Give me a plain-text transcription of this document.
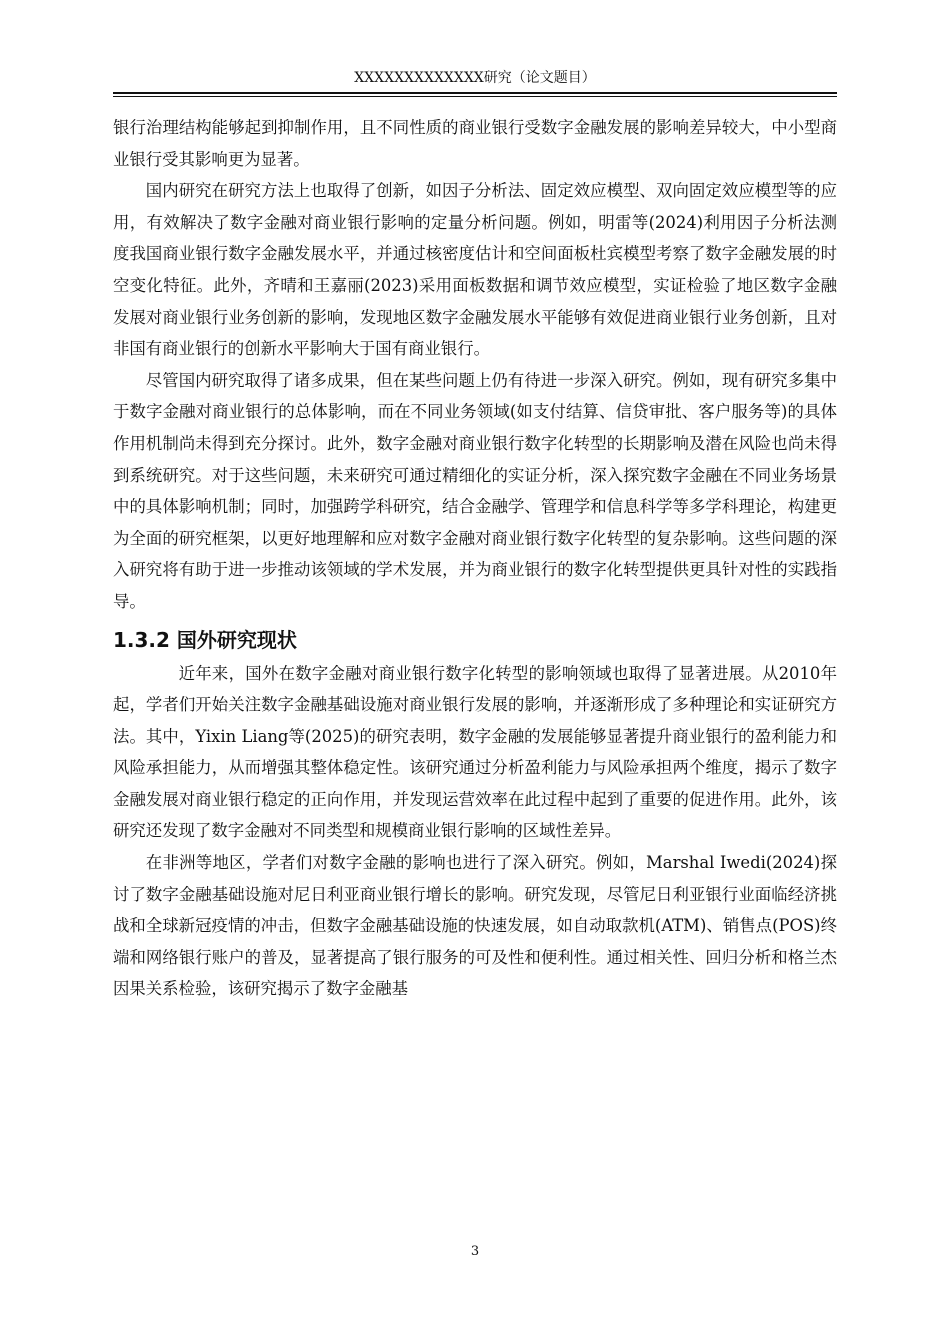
XXXXXXXXXXXXX研究（论文题目）

银行治理结构能够起到抑制作用，且不同性质的商业银行受数字金融发展的影响差异较大，中小型商业银行受其影响更为显著。

国内研究在研究方法上也取得了创新，如因子分析法、固定效应模型、双向固定效应模型等的应用，有效解决了数字金融对商业银行影响的定量分析问题。例如，明雷等(2024)利用因子分析法测度我国商业银行数字金融发展水平，并通过核密度估计和空间面板杜宾模型考察了数字金融发展的时空变化特征。此外，齐晴和王嘉丽(2023)采用面板数据和调节效应模型，实证检验了地区数字金融发展对商业银行业务创新的影响，发现地区数字金融发展水平能够有效促进商业银行业务创新，且对非国有商业银行的创新水平影响大于国有商业银行。

尽管国内研究取得了诸多成果，但在某些问题上仍有待进一步深入研究。例如，现有研究多集中于数字金融对商业银行的总体影响，而在不同业务领域(如支付结算、信贷审批、客户服务等)的具体作用机制尚未得到充分探讨。此外，数字金融对商业银行数字化转型的长期影响及潜在风险也尚未得到系统研究。对于这些问题，未来研究可通过精细化的实证分析，深入探究数字金融在不同业务场景中的具体影响机制；同时，加强跨学科研究，结合金融学、管理学和信息科学等多学科理论，构建更为全面的研究框架，以更好地理解和应对数字金融对商业银行数字化转型的复杂影响。这些问题的深入研究将有助于进一步推动该领域的学术发展，并为商业银行的数字化转型提供更具针对性的实践指导。

1.3.2 国外研究现状

近年来，国外在数字金融对商业银行数字化转型的影响领域也取得了显著进展。从2010年起，学者们开始关注数字金融基础设施对商业银行发展的影响，并逐渐形成了多种理论和实证研究方法。其中，Yixin Liang等(2025)的研究表明，数字金融的发展能够显著提升商业银行的盈利能力和风险承担能力，从而增强其整体稳定性。该研究通过分析盈利能力与风险承担两个维度，揭示了数字金融发展对商业银行稳定的正向作用，并发现运营效率在此过程中起到了重要的促进作用。此外，该研究还发现了数字金融对不同类型和规模商业银行影响的区域性差异。

在非洲等地区，学者们对数字金融的影响也进行了深入研究。例如，Marshal Iwedi(2024)探讨了数字金融基础设施对尼日利亚商业银行增长的影响。研究发现，尽管尼日利亚银行业面临经济挑战和全球新冠疫情的冲击，但数字金融基础设施的快速发展，如自动取款机(ATM)、销售点(POS)终端和网络银行账户的普及，显著提高了银行服务的可及性和便利性。通过相关性、回归分析和格兰杰因果关系检验，该研究揭示了数字金融基

3
